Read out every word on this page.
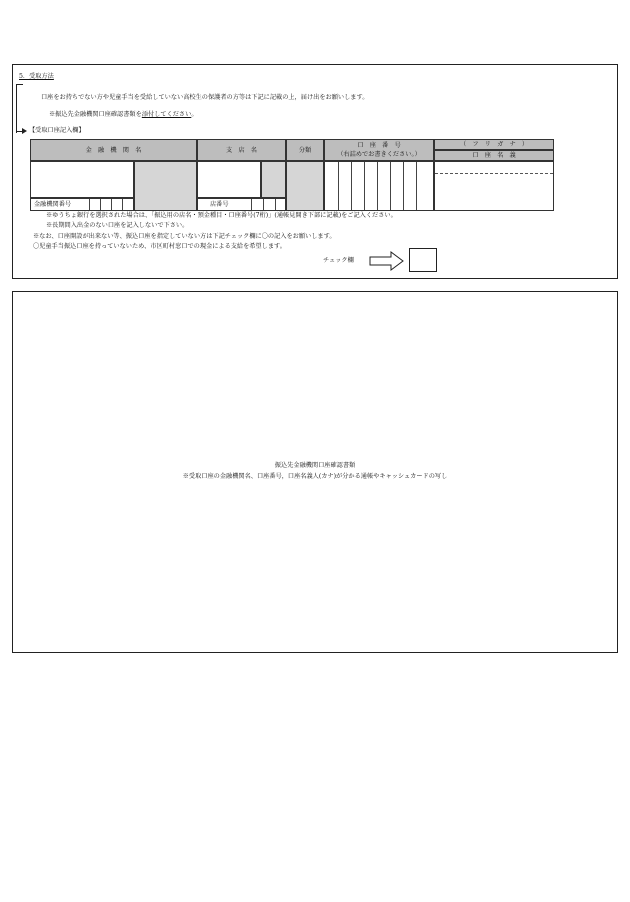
5．受取方法
口座をお持ちでない方や児童手当を受給していない高校生の保護者の方等は下記に記載の上，届け出をお願いします。
※振込先金融機関口座確認書類を添付してください。
【受取口座記入欄】
金　融　機　関　名	支　店　名	分類
口　座　番　号
（右詰めでお書きください。）
（　フ　リ　ガ　ナ　）
口　座　名　義
金融機関番号	店番号
※ゆうちょ銀行を選択された場合は、「振込用の店名・預金種目・口座番号(7桁)」(通帳見開き下部に記載)をご記入ください。
※長期間入出金のない口座を記入しないで下さい。
※なお、口座開設が出来ない等、振込口座を指定していない方は下記チェック欄に〇の記入をお願いします。
〇児童手当振込口座を持っていないため、市区町村窓口での現金による支給を希望します。
チェック欄
振込先金融機関口座確認書類
※受取口座の金融機関名、口座番号，口座名義人(カナ)が分かる通帳やキャッシュカードの写し
